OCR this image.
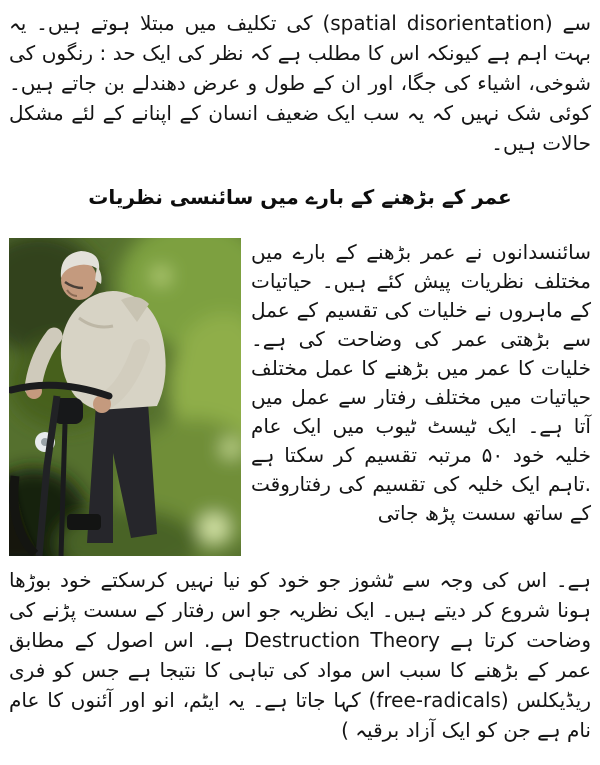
سے (spatial disorientation) کی تکلیف میں مبتلا ہوتے ہیں۔ یہ بہت اہم ہے کیونکہ اس کا مطلب ہے کہ نظر کی ایک حد : رنگوں کی شوخی، اشیاء کی جگا، اور ان کے طول و عرض دھندلے بن جاتے ہیں۔ کوئی شک نہیں کہ یہ سب ایک ضعیف انسان کے اپنانے کے لئے مشکل حالات ہیں۔
عمر کے بڑھنے کے بارے میں سائنسی نظریات
سائنسدانوں نے عمر بڑھنے کے بارے میں مختلف نظریات پیش کئے ہیں۔ حیاتیات کے ماہروں نے خلیات کی تقسیم کے عمل سے بڑھتی عمر کی وضاحت کی ہے۔ خلیات کا عمر میں بڑھنے کا عمل مختلف حیاتیات میں مختلف رفتار سے عمل میں آتا ہے۔ ایک ٹیسٹ ٹیوب میں ایک عام خلیہ خود ۵۰ مرتبہ تقسیم کر سکتا ہے .تاہم ایک خلیہ کی تقسیم کی رفتاروقت کے ساتھ سست پڑھ جاتی
ہے۔ اس کی وجہ سے ٹشوز جو خود کو نیا نہیں کرسکتے خود بوڑھا ہونا شروع کر دیتے ہیں۔ ایک نظریہ جو اس رفتار کے سست پڑنے کی وضاحت کرتا ہے Destruction Theory ہے. اس اصول کے مطابق عمر کے بڑھنے کا سبب اس مواد کی تباہی کا نتیجا ہے جس کو فری ریڈیکلس (free-radicals) کہا جاتا ہے۔ یہ ایٹم، انو اور آئنوں کا عام نام ہے جن کو ایک آزاد برقیہ ‎(‎
